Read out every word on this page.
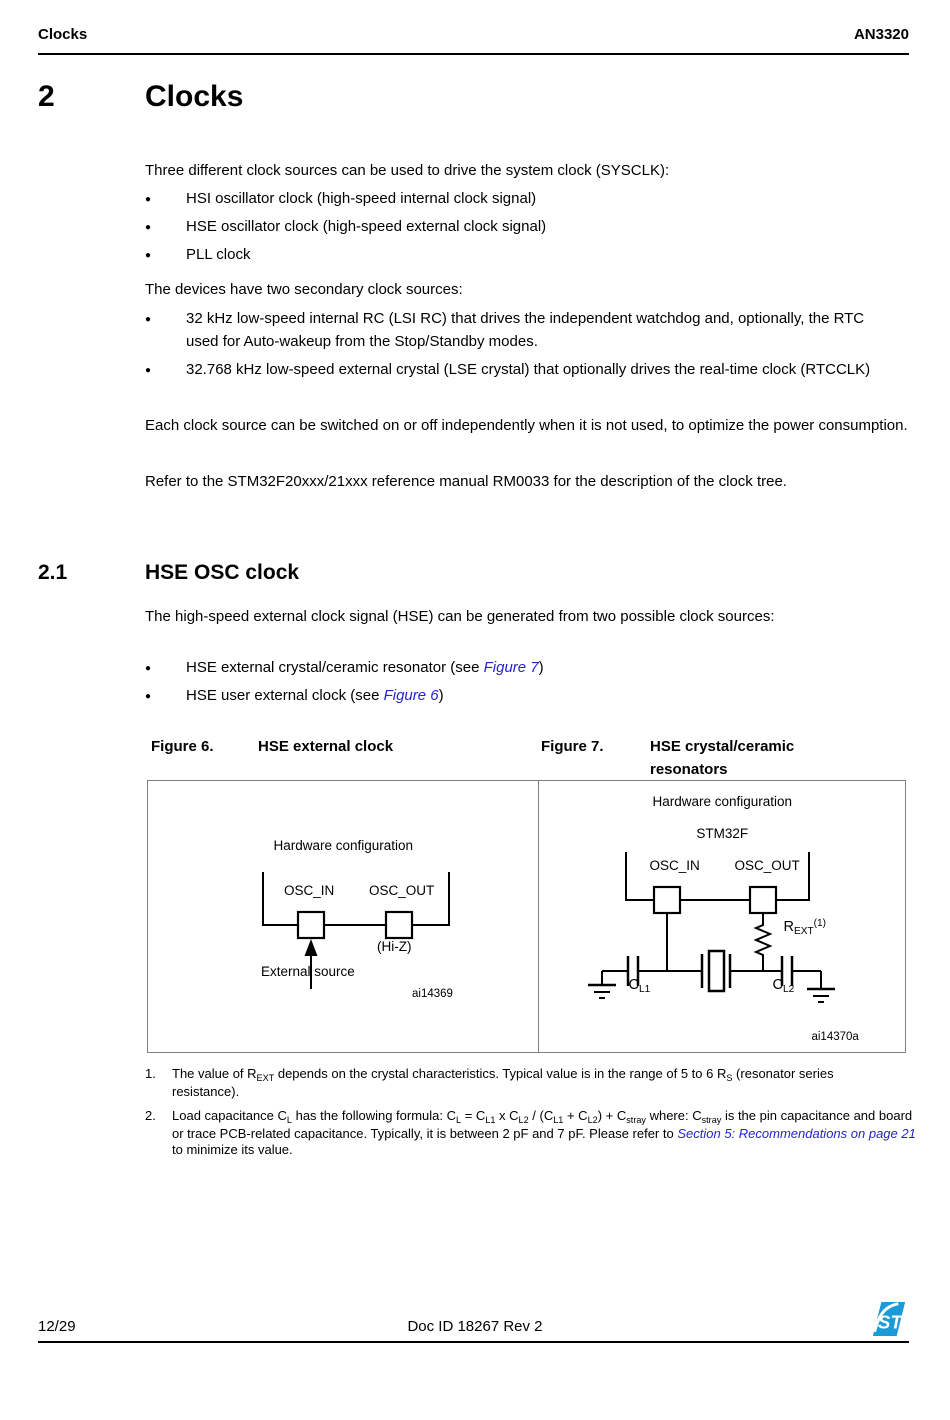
Clocks	AN3320
2	Clocks
Three different clock sources can be used to drive the system clock (SYSCLK):
●	HSI oscillator clock (high-speed internal clock signal)
●	HSE oscillator clock (high-speed external clock signal)
●	PLL clock
The devices have two secondary clock sources:
●	32 kHz low-speed internal RC (LSI RC) that drives the independent watchdog and, optionally, the RTC used for Auto-wakeup from the Stop/Standby modes.
●	32.768 kHz low-speed external crystal (LSE crystal) that optionally drives the real-time clock (RTCCLK)
Each clock source can be switched on or off independently when it is not used, to optimize the power consumption.
Refer to the STM32F20xxx/21xxx reference manual RM0033 for the description of the clock tree.
2.1	HSE OSC clock
The high-speed external clock signal (HSE) can be generated from two possible clock sources:
●	HSE external crystal/ceramic resonator (see Figure 7)
●	HSE user external clock (see Figure 6)
Figure 6.	HSE external clock	Figure 7.	HSE crystal/ceramic resonators
Hardware configuration
OSC_IN	OSC_OUT
(Hi-Z)
External source
ai14369
Hardware configuration
STM32F
OSC_IN	OSC_OUT
$R_{EXT}^{(1)}$
$C_{L1}$	$C_{L2}$
ai14370a
1.	The value of $R_{EXT}$ depends on the crystal characteristics. Typical value is in the range of 5 to 6 $R_S$ (resonator series resistance).
2.	Load capacitance $C_L$ has the following formula: $C_L = C_{L1}$ x $C_{L2} / (C_{L1} + C_{L2}) + C_{stray}$ where: $C_{stray}$ is the pin capacitance and board or trace PCB-related capacitance. Typically, it is between 2 pF and 7 pF. Please refer to Section 5: Recommendations on page 21 to minimize its value.
12/29	Doc ID 18267 Rev 2	ST
